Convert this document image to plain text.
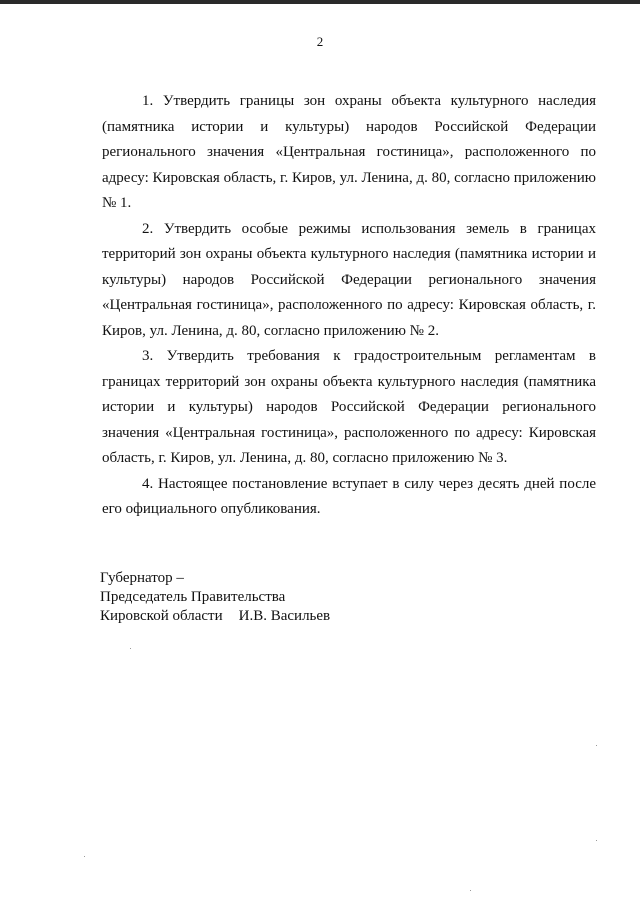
2

1. Утвердить границы зон охраны объекта культурного наследия (памятника истории и культуры) народов Российской Федерации регионального значения «Центральная гостиница», расположенного по адресу: Кировская область, г. Киров, ул. Ленина, д. 80, согласно приложению № 1.

2. Утвердить особые режимы использования земель в границах территорий зон охраны объекта культурного наследия (памятника истории и культуры) народов Российской Федерации регионального значения «Центральная гостиница», расположенного по адресу: Кировская область, г. Киров, ул. Ленина, д. 80, согласно приложению № 2.

3. Утвердить требования к градостроительным регламентам в границах территорий зон охраны объекта культурного наследия (памятника истории и культуры) народов Российской Федерации регионального значения «Центральная гостиница», расположенного по адресу: Кировская область, г. Киров, ул. Ленина, д. 80, согласно приложению № 3.

4. Настоящее постановление вступает в силу через десять дней после его официального опубликования.

Губернатор –
Председатель Правительства
Кировской области И.В. Васильев
